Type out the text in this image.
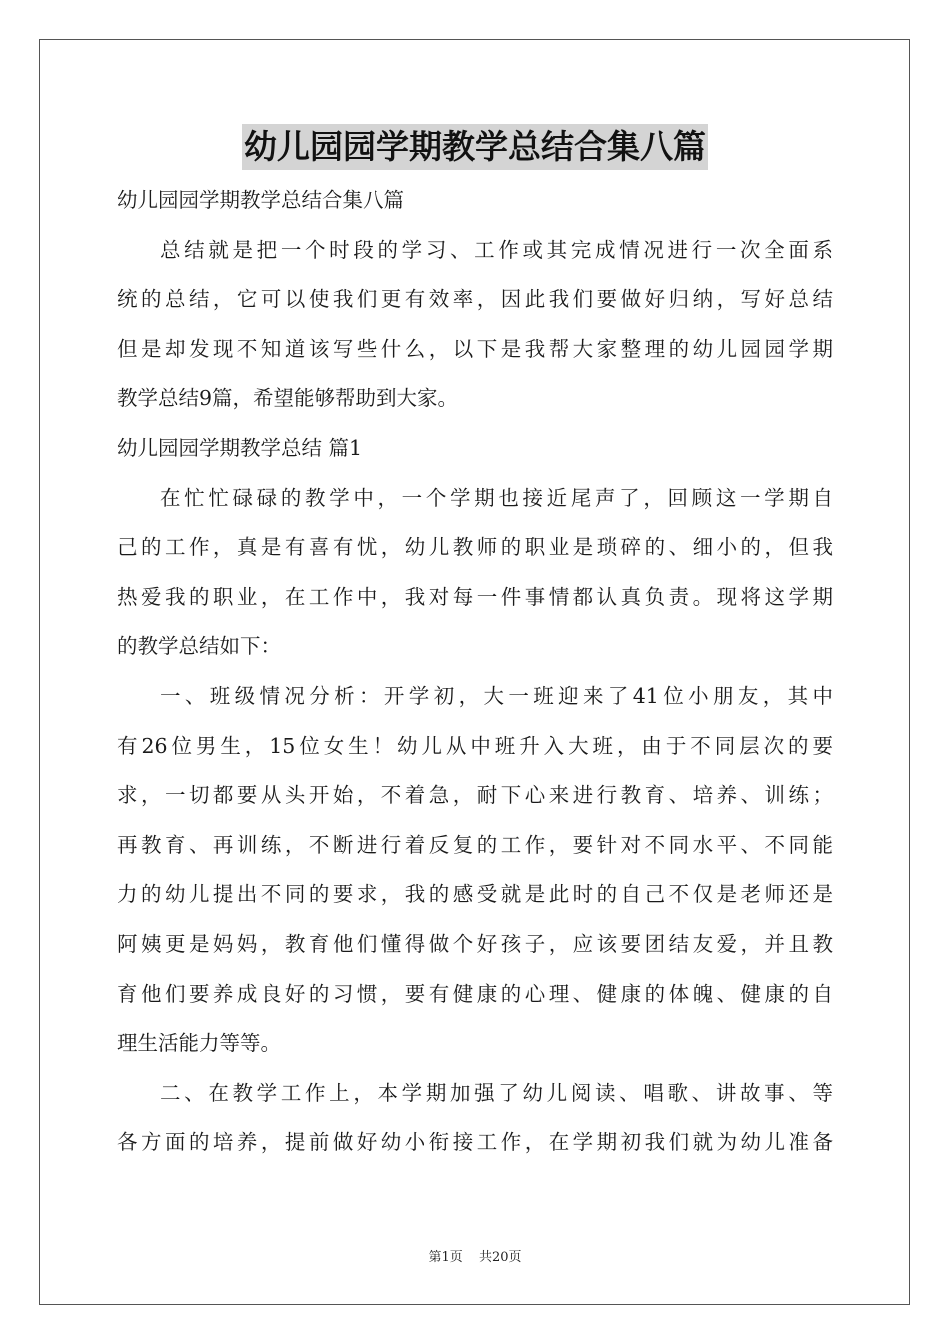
幼儿园园学期教学总结合集八篇
幼儿园园学期教学总结合集八篇
总结就是把一个时段的学习、工作或其完成情况进行一次全面系
统的总结，它可以使我们更有效率，因此我们要做好归纳，写好总结
但是却发现不知道该写些什么，以下是我帮大家整理的幼儿园园学期
教学总结9篇，希望能够帮助到大家。
幼儿园园学期教学总结 篇1
在忙忙碌碌的教学中，一个学期也接近尾声了，回顾这一学期自
己的工作，真是有喜有忧，幼儿教师的职业是琐碎的、细小的，但我
热爱我的职业，在工作中，我对每一件事情都认真负责。现将这学期
的教学总结如下：
一、班级情况分析：开学初，大一班迎来了41位小朋友，其中
有26位男生，15位女生！幼儿从中班升入大班，由于不同层次的要
求，一切都要从头开始，不着急，耐下心来进行教育、培养、训练；
再教育、再训练，不断进行着反复的工作，要针对不同水平、不同能
力的幼儿提出不同的要求，我的感受就是此时的自己不仅是老师还是
阿姨更是妈妈，教育他们懂得做个好孩子，应该要团结友爱，并且教
育他们要养成良好的习惯，要有健康的心理、健康的体魄、健康的自
理生活能力等等。
二、在教学工作上，本学期加强了幼儿阅读、唱歌、讲故事、等
各方面的培养，提前做好幼小衔接工作，在学期初我们就为幼儿准备
第1页 共20页
